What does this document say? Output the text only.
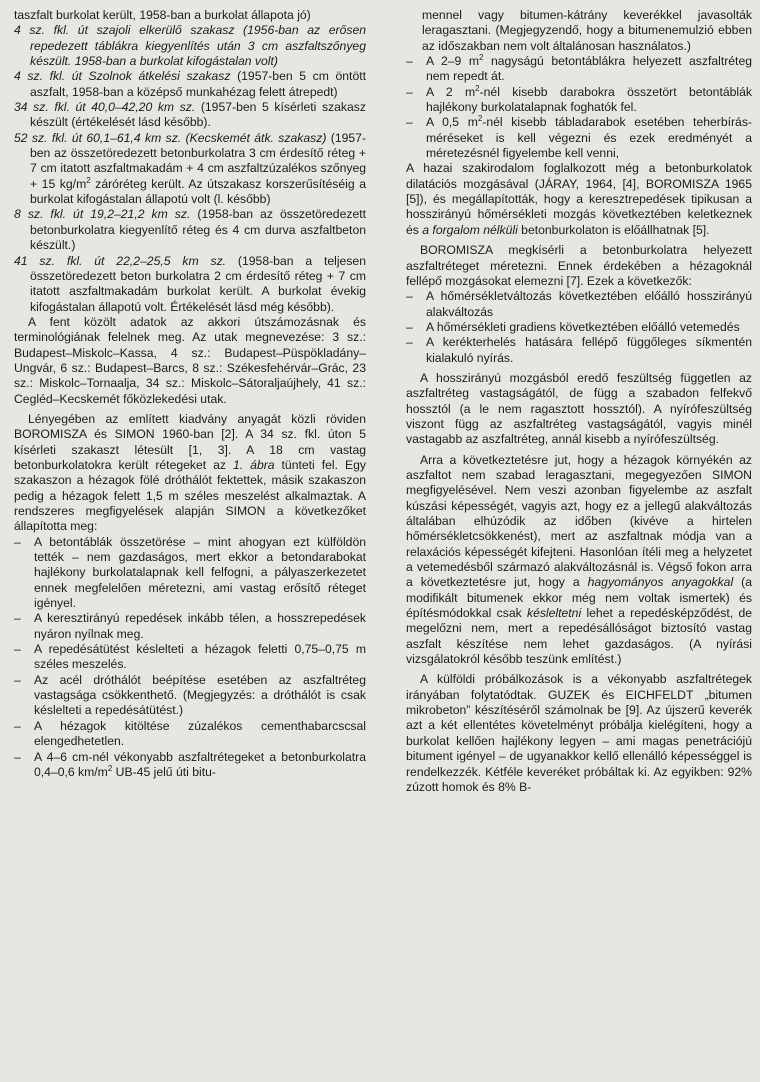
taszfalt burkolat került, 1958-ban a burkolat állapota jó)

4 sz. fkl. út szajoli elkerülő szakasz (1956-ban az erősen repedezett táblákra kiegyenlítés után 3 cm aszfaltszőnyeg készült. 1958-ban a burkolat kifogástalan volt)

4 sz. fkl. út Szolnok átkelési szakasz (1957-ben 5 cm öntött aszfalt, 1958-ban a középső munkahézag felett átrepedt)

34 sz. fkl. út 40,0–42,20 km sz. (1957-ben 5 kísérleti szakasz készült (értékelését lásd később).

52 sz. fkl. út 60,1–61,4 km sz. (Kecskemét átk. szakasz) (1957-ben az összetöredezett betonburkolatra 3 cm érdesítő réteg + 7 cm itatott aszfaltmakadám + 4 cm aszfaltzúzalékos szőnyeg + 15 $kg/m^2$ záróréteg került. Az útszakasz korszerűsítéséig a burkolat kifogástalan állapotú volt (l. később)

8 sz. fkl. út 19,2–21,2 km sz. (1958-ban az összetöredezett betonburkolatra kiegyenlítő réteg és 4 cm durva aszfaltbeton készült.)

41 sz. fkl. út 22,2–25,5 km sz. (1958-ban a teljesen összetöredezett beton burkolatra 2 cm érdesítő réteg + 7 cm itatott aszfaltmakadám burkolat került. A burkolat évekig kifogástalan állapotú volt. Értékelését lásd még később).

A fent közölt adatok az akkori útszámozásnak és terminológiának felelnek meg. Az utak megnevezése: 3 sz.: Budapest–Miskolc–Kassa, 4 sz.: Budapest–Püspökladány–Ungvár, 6 sz.: Budapest–Barcs, 8 sz.: Székesfehérvár–Grác, 23 sz.: Miskolc–Tornaalja, 34 sz.: Miskolc–Sátoraljaújhely, 41 sz.: Cegléd–Kecskemét főközlekedési utak.

Lényegében az említett kiadvány anyagát közli röviden BOROMISZA és SIMON 1960-ban [2]. A 34 sz. fkl. úton 5 kísérleti szakaszt létesült [1, 3]. A 18 cm vastag betonburkolatokra került rétegeket az 1. ábra tünteti fel. Egy szakaszon a hézagok fölé dróthálót fektettek, másik szakaszon pedig a hézagok felett 1,5 m széles meszelést alkalmaztak. A rendszeres megfigyelések alapján SIMON a következőket állapította meg:

– A betontáblák összetörése – mint ahogyan ezt külföldön tették – nem gazdaságos, mert ekkor a betondarabokat hajlékony burkolatalapnak kell felfogni, a pályaszerkezetet ennek megfelelően méretezni, ami vastag erősítő réteget igényel.

– A keresztirányú repedések inkább télen, a hosszrepedések nyáron nyílnak meg.

– A repedésátütést késlelteti a hézagok feletti 0,75–0,75 m széles meszelés.

– Az acél dróthálót beépítése esetében az aszfaltréteg vastagsága csökkenthető. (Megjegyzés: a dróthálót is csak késlelteti a repedésátütést.)

– A hézagok kitöltése zúzalékos cementhabarcscsal elengedhetetlen.

– A 4–6 cm-nél vékonyabb aszfaltrétegeket a betonburkolatra 0,4–0,6 $km/m^2$ UB-45 jelű úti bitu-

mennel vagy bitumen-kátrány keverékkel javasolták leragasztani. (Megjegyzendő, hogy a bitumenemulzió ebben az időszakban nem volt általánosan használatos.)

– A 2–9 $m^2$ nagyságú betontáblákra helyezett aszfaltréteg nem repedt át.

– A 2 $m^2$-nél kisebb darabokra összetört betontáblák hajlékony burkolatalapnak foghatók fel.

– A 0,5 $m^2$-nél kisebb tábladarabok esetében teherbírás-méréseket is kell végezni és ezek eredményét a méretezésnél figyelembe kell venni,

A hazai szakirodalom foglalkozott még a betonburkolatok dilatációs mozgásával (JÁRAY, 1964, [4], BOROMISZA 1965 [5]), és megállapították, hogy a keresztrepedések tipikusan a hosszirányú hőmérsékleti mozgás következtében keletkeznek és a forgalom nélküli betonburkolaton is előállhatnak [5].

BOROMISZA megkísérli a betonburkolatra helyezett aszfaltréteget méretezni. Ennek érdekében a hézagoknál fellépő mozgásokat elemezni [7]. Ezek a következők:

– A hőmérsékletváltozás következtében előálló hosszirányú alakváltozás

– A hőmérsékleti gradiens következtében előálló vetemedés

– A kerékterhelés hatására fellépő függőleges síkmentén kialakuló nyírás.

A hosszirányú mozgásból eredő feszültség független az aszfaltréteg vastagságától, de függ a szabadon felfekvő hossztól (a le nem ragasztott hossztól). A nyírófeszültség viszont függ az aszfaltréteg vastagságától, vagyis minél vastagabb az aszfaltréteg, annál kisebb a nyírófeszültség.

Arra a következtetésre jut, hogy a hézagok környékén az aszfaltot nem szabad leragasztani, megegyezően SIMON megfigyelésével. Nem veszi azonban figyelembe az aszfalt kúszási képességét, vagyis azt, hogy ez a jellegű alakváltozás általában elhúzódik az időben (kivéve a hirtelen hőmérsékletcsökkenést), mert az aszfaltnak módja van a relaxációs képességét kifejteni. Hasonlóan ítéli meg a helyzetet a vetemedésből származó alakváltozásnál is. Végső fokon arra a következtetésre jut, hogy a hagyományos anyagokkal (a modifikált bitumenek ekkor még nem voltak ismertek) és építésmódokkal csak késleltetni lehet a repedésképződést, de megelőzni nem, mert a repedésállóságot biztosító vastag aszfalt készítése nem lehet gazdaságos. (A nyírási vizsgálatokról később teszünk említést.)

A külföldi próbálkozások is a vékonyabb aszfaltrétegek irányában folytatódtak. GUZEK és EICHFELDT „bitumen mikrobeton” készítéséről számolnak be [9]. Az újszerű keverék azt a két ellentétes követelményt próbálja kielégíteni, hogy a burkolat kellően hajlékony legyen – ami magas penetrációjú bitument igényel – de ugyanakkor kellő ellenálló képességgel is rendelkezzék. Kétféle keveréket próbáltak ki. Az egyikben: 92% zúzott homok és 8% B-
